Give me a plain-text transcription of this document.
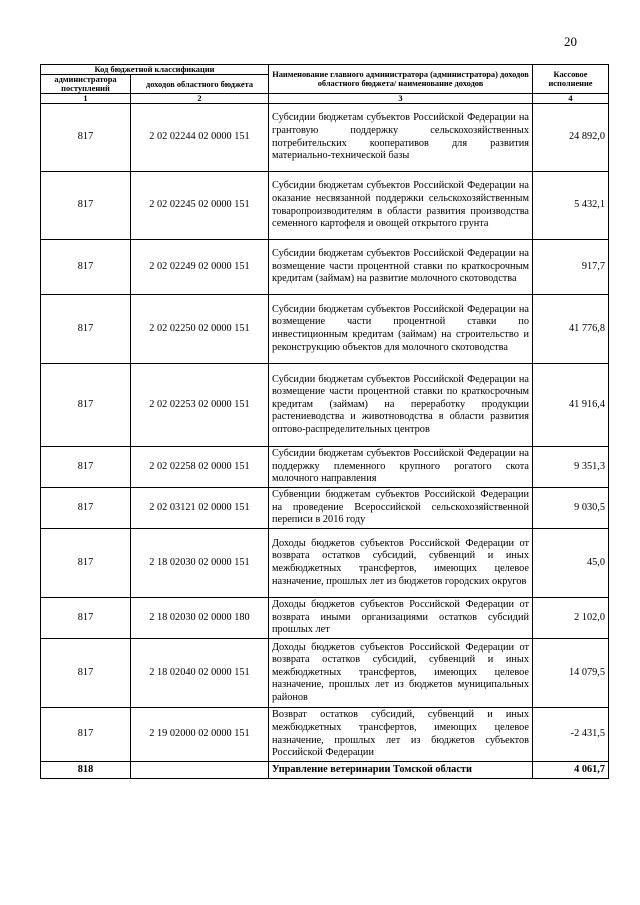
20
Код бюджетной классификации		Наименование главного администратора (администратора) доходов областного бюджета/ наименование доходов	Кассовое исполнение
администратора поступлений	доходов областного бюджета		
1	2	3	4
817	2 02 02244 02 0000 151	Субсидии бюджетам субъектов Российской Федерации на грантовую поддержку сельскохозяйственных потребительских кооперативов для развития материально-технической базы	24 892,0
817	2 02 02245 02 0000 151	Субсидии бюджетам субъектов Российской Федерации на оказание несвязанной поддержки сельскохозяйственным товаропроизводителям в области развития производства семенного картофеля и овощей открытого грунта	5 432,1
817	2 02 02249 02 0000 151	Субсидии бюджетам субъектов Российской Федерации на возмещение части процентной ставки по краткосрочным кредитам (займам) на развитие молочного скотоводства	917,7
817	2 02 02250 02 0000 151	Субсидии бюджетам субъектов Российской Федерации на возмещение части процентной ставки по инвестиционным кредитам (займам) на строительство и реконструкцию объектов для молочного скотоводства	41 776,8
817	2 02 02253 02 0000 151	Субсидии бюджетам субъектов Российской Федерации на возмещение части процентной ставки по краткосрочным кредитам (займам) на переработку продукции растениеводства и животноводства в области развития оптово-распределительных центров	41 916,4
817	2 02 02258 02 0000 151	Субсидии бюджетам субъектов Российской Федерации на поддержку племенного крупного рогатого скота молочного направления	9 351,3
817	2 02 03121 02 0000 151	Субвенции бюджетам субъектов Российской Федерации на проведение Всероссийской сельскохозяйственной переписи в 2016 году	9 030,5
817	2 18 02030 02 0000 151	Доходы бюджетов субъектов Российской Федерации от возврата остатков субсидий, субвенций и иных межбюджетных трансфертов, имеющих целевое назначение, прошлых лет из бюджетов городских округов	45,0
817	2 18 02030 02 0000 180	Доходы бюджетов субъектов Российской Федерации от возврата иными организациями остатков субсидий прошлых лет	2 102,0
817	2 18 02040 02 0000 151	Доходы бюджетов субъектов Российской Федерации от возврата остатков субсидий, субвенций и иных межбюджетных трансфертов, имеющих целевое назначение, прошлых лет из бюджетов муниципальных районов	14 079,5
817	2 19 02000 02 0000 151	Возврат остатков субсидий, субвенций и иных межбюджетных трансфертов, имеющих целевое назначение, прошлых лет из бюджетов субъектов Российской Федерации	-2 431,5
818		Управление ветеринарии Томской области	4 061,7
